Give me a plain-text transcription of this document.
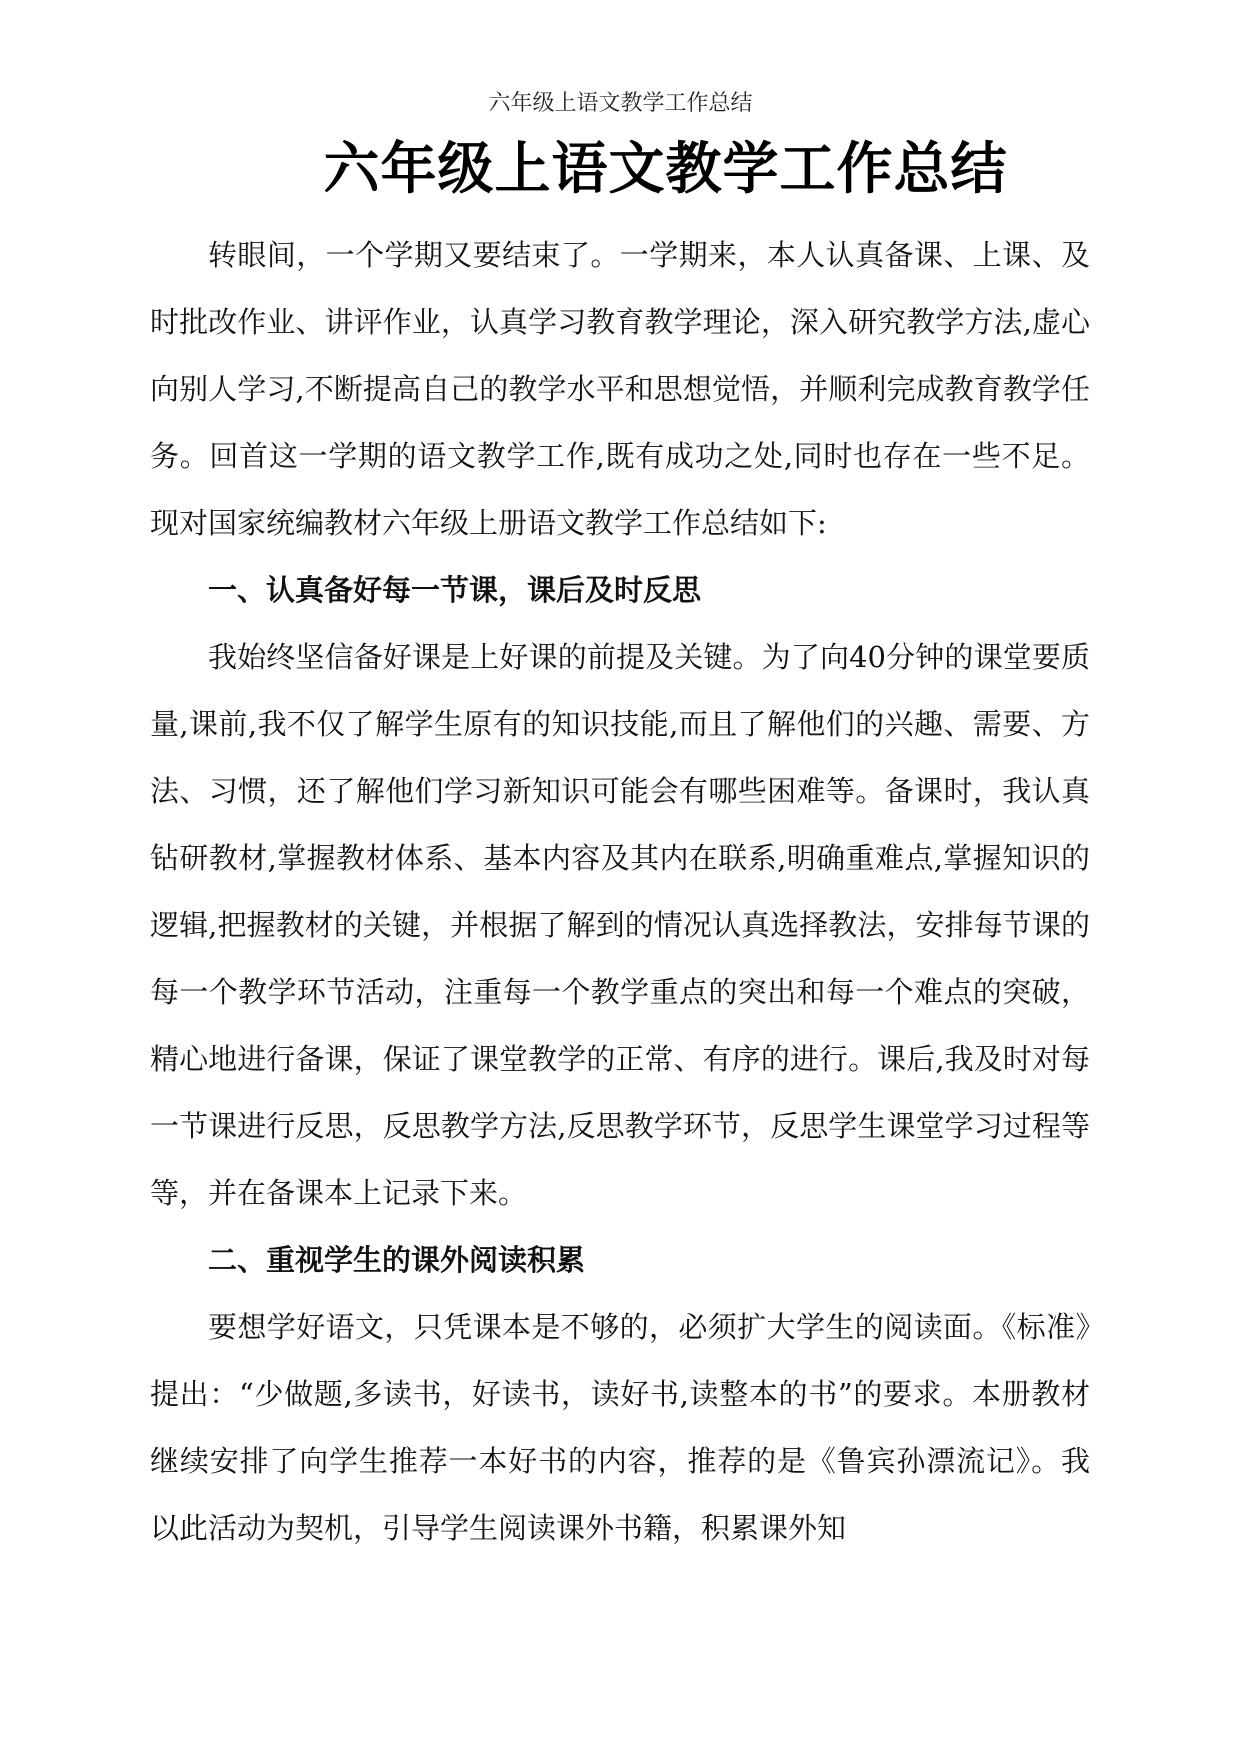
六年级上语文教学工作总结
六年级上语文教学工作总结

转眼间，一个学期又要结束了。一学期来，本人认真备课、上课、及时批改作业、讲评作业，认真学习教育教学理论，深入研究教学方法,虚心向别人学习,不断提高自己的教学水平和思想觉悟，并顺利完成教育教学任务。回首这一学期的语文教学工作,既有成功之处,同时也存在一些不足。现对国家统编教材六年级上册语文教学工作总结如下:

一、认真备好每一节课，课后及时反思

我始终坚信备好课是上好课的前提及关键。为了向40分钟的课堂要质量,课前,我不仅了解学生原有的知识技能,而且了解他们的兴趣、需要、方法、习惯，还了解他们学习新知识可能会有哪些困难等。备课时，我认真钻研教材,掌握教材体系、基本内容及其内在联系,明确重难点,掌握知识的逻辑,把握教材的关键，并根据了解到的情况认真选择教法，安排每节课的每一个教学环节活动，注重每一个教学重点的突出和每一个难点的突破，精心地进行备课，保证了课堂教学的正常、有序的进行。课后,我及时对每一节课进行反思，反思教学方法,反思教学环节，反思学生课堂学习过程等等，并在备课本上记录下来。

二、重视学生的课外阅读积累

要想学好语文，只凭课本是不够的，必须扩大学生的阅读面。《标准》提出：“少做题,多读书，好读书，读好书,读整本的书”的要求。本册教材继续安排了向学生推荐一本好书的内容，推荐的是《鲁宾孙漂流记》。我以此活动为契机，引导学生阅读课外书籍，积累课外知
